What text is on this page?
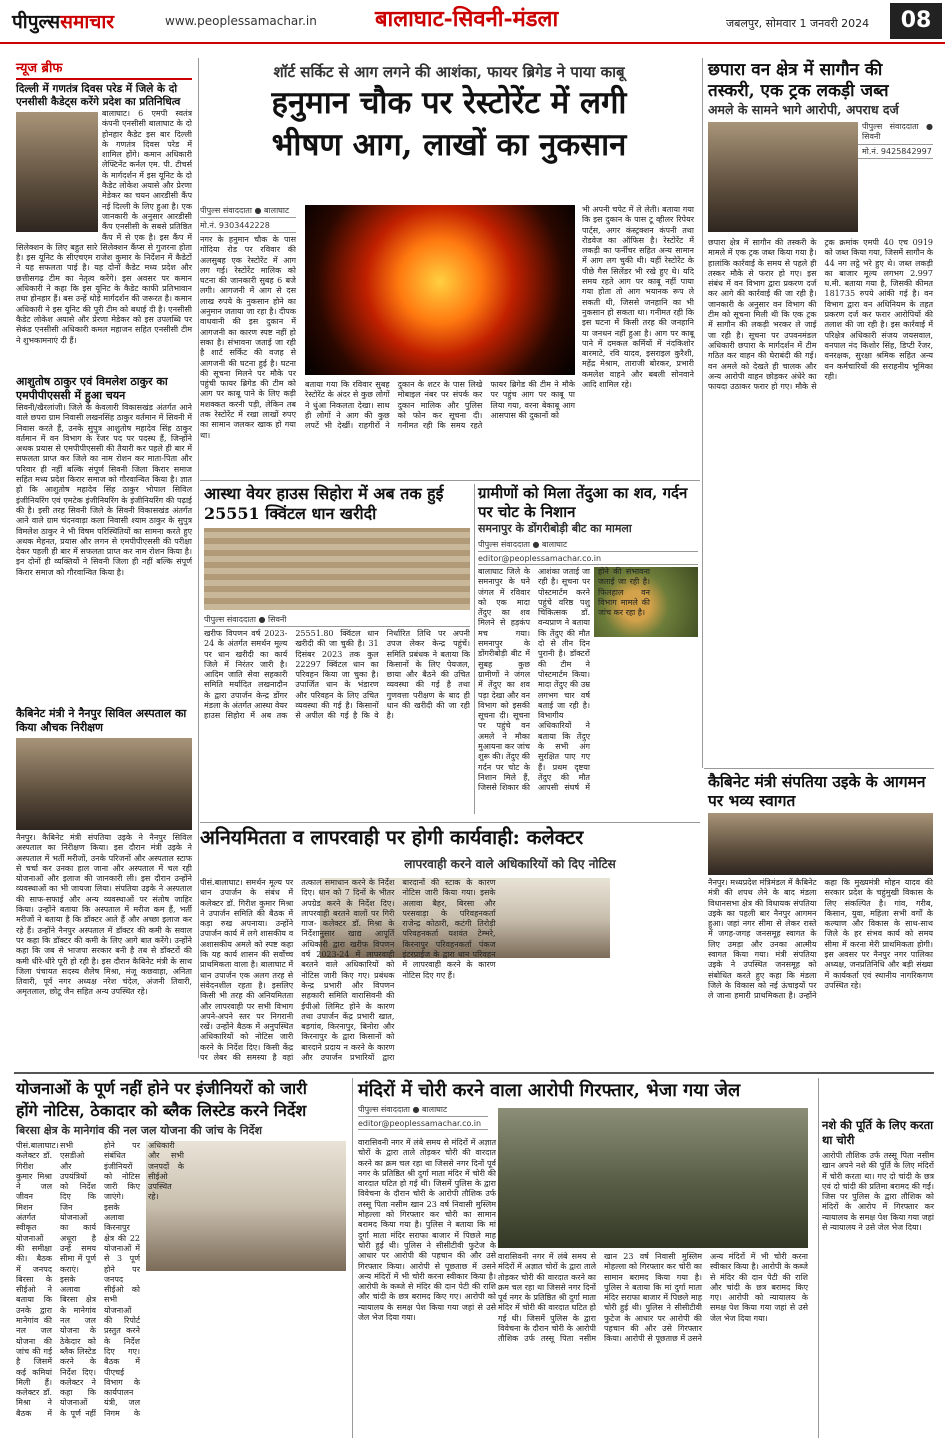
पीपुल्ससमाचार	www.peoplessamachar.in	बालाघाट-सिवनी-मंडला	जबलपुर, सोमवार 1 जनवरी 2024	08
न्यूज ब्रीफ
दिल्ली में गणतंत्र दिवस परेड में जिले के दो एनसीसी कैडेट्स करेंगे प्रदेश का प्रतिनिधित्व
बालाघाट। 6 एमपी स्वतंत्र कंपनी एनसीसी बालाघाट के दो होनहार कैडेट इस बार दिल्ली के गणतंत्र दिवस परेड में शामिल होंगे। कमान अधिकारी लेफ्टिनेंट कर्नल एम. पी. टीचर्स के मार्गदर्शन में इस यूनिट के दो कैडेट लोकेश अयासे और प्रेरणा मेडेकर का चयन आरडीसी कैंप नई दिल्ली के लिए हुआ है। एक जानकारी के अनुसार आरडीसी कैंप एनसीसी के सबसे प्रतिष्ठित कैंप में से एक है। इस कैंप में सिलेक्शन के लिए बहुत सारे सिलेक्शन कैंप्स से गुजरना होता है। इस यूनिट के सीएचएम राजेश कुमार के निर्देशन में कैडेटों ने यह सफलता पाई है। यह दोनों कैडेट मध्य प्रदेश और छत्तीसगढ़ टीम का नेतृत्व करेंगे। इस अवसर पर कमान अधिकारी ने कहा कि इस यूनिट के कैडेट काफी प्रतिभावान तथा होनहार हैं। बस उन्हें थोड़े मार्गदर्शन की जरूरत है। कमान अधिकारी ने इस यूनिट की पूरी टीम को बधाई दी है। एनसीसी कैडेट लोकेश अयासे और प्रेरणा मेडेकर को इस उपलब्धि पर सेकंड एनसीसी अधिकारी कमल महाजन सहित एनसीसी टीम ने शुभकामनाएं दी हैं।
आशुतोष ठाकुर एवं विमलेश ठाकुर का एमपीपीएससी में हुआ चयन
सिवनी/खैरलांजी। जिले के केवलारी विकासखंड अंतर्गत आने वाले छपरा ग्राम निवासी लखनसिंह ठाकुर वर्तमान में सिवनी में निवास करते हैं, उनके सुपुत्र आशुतोष महादेव सिंह ठाकुर वर्तमान में वन विभाग के रेंजर पद पर पदस्थ हैं, जिन्होंने अथक प्रयास से एमपीपीएससी की तैयारी कर पहले ही बार में सफलता प्राप्त कर जिले का नाम रोशन कर माता-पिता और परिवार ही नहीं बल्कि संपूर्ण सिवनी जिला किरार समाज सहित मध्य प्रदेश किरार समाज को गौरवान्वित किया है। ज्ञात हो कि आशुतोष महादेव सिंह ठाकुर भोपाल सिविल इंजीनियरिंग एवं एमटेक इंजीनियरिंग के इंजीनियरिंग की पढ़ाई की है। इसी तरह सिवनी जिले के सिवनी विकासखंड अंतर्गत आने वाले ग्राम चंदनवाड़ा कला निवासी श्याम ठाकुर के सुपुत्र विमलेश ठाकुर ने भी विषम परिस्थितियों का सामना करते हुए अथक मेहनत, प्रयास और लगन से एमपीपीएससी की परीक्षा देकर पहली ही बार में सफलता प्राप्त कर नाम रोशन किया है। इन दोनों ही व्यक्तियों ने सिवनी जिला ही नहीं बल्कि संपूर्ण किरार समाज को गौरवान्वित किया है।
कैबिनेट मंत्री ने नैनपुर सिविल अस्पताल का किया औचक निरीक्षण
नैनपुर। कैबिनेट मंत्री संपतिया उइके ने नैनपुर सिविल अस्पताल का निरीक्षण किया। इस दौरान मंत्री उइके ने अस्पताल में भर्ती मरीजों, उनके परिजनों और अस्पताल स्टाफ से चर्चा कर उनका हाल जाना और अस्पताल में चल रही योजनाओं और इलाज की जानकारी ली। इस दौरान उन्होंने व्यवस्थाओं का भी जायजा लिया। संपतिया उइके ने अस्पताल की साफ-सफाई और अन्य व्यवस्थाओं पर संतोष जाहिर किया। उन्होंने बताया कि अस्पताल में मरीज कम हैं, भर्ती मरीजों ने बताया है कि डॉक्टर आते हैं और अच्छा इलाज कर रहे हैं। उन्होंने नैनपुर अस्पताल में डॉक्टर की कमी के सवाल पर कहा कि डॉक्टर की कमी के लिए आगे बात करेंगे। उन्होंने कहा कि जब से भाजपा सरकार बनी है तब से डॉक्टरों की कमी धीरे-धीरे पूरी हो रही है। इस दौरान कैबिनेट मंत्री के साथ जिला पंचायत सदस्य शैलेष मिश्रा, मंजू कछवाहा, अनिता तिवारी, पूर्व नगर अध्यक्ष नरेश चंदेल, अंजनी तिवारी, अमृतलाल, छोटू जैन सहित अन्य उपस्थित रहे।
शॉर्ट सर्किट से आग लगने की आशंका, फायर ब्रिगेड ने पाया काबू
हनुमान चौक पर रेस्टोरेंट में लगी
भीषण आग, लाखों का नुकसान
पीपुल्स संवाददाता ● बालाघाट
मो.नं. 9303442228
नगर के हनुमान चौक के पास गोंदिया रोड पर रविवार की अलसुबह एक रेस्टोरेंट में आग लग गई। रेस्टोरेंट मालिक को घटना की जानकारी सुबह 6 बजे लगी। आगजनी में आग से दस लाख रुपये के नुकसान होने का अनुमान जताया जा रहा है। दीपक वाधवानी की इस दुकान में आगजनी का कारण स्पष्ट नहीं हो सका है। संभावना जताई जा रही है शार्ट सर्किट की वजह से आगजनी की घटना हुई है। घटना की सूचना मिलने पर मौके पर पहुंची फायर ब्रिगेड की टीम को आग पर काबू पाने के लिए कड़ी मशक्कत करनी पड़ी, लेकिन तब तक रेस्टोरेंट में रखा लाखों रुपए का सामान जलकर खाक हो गया था।
बताया गया कि रविवार सुबह रेस्टोरेंट के अंदर से कुछ लोगों ने धुंआ निकलता देखा। साथ ही लोगों ने आग की कुछ लपटें भी देखीं। राहगीरों ने दुकान के शटर के पास लिखे मोबाइल नंबर पर संपर्क कर दुकान मालिक और पुलिस को फोन कर सूचना दी। गनीमत रही कि समय रहते फायर ब्रिगेड की टीम ने मौके पर पहुंच आग पर काबू पा लिया गया, वरना बेकाबू आग आसपास की दुकानों को
भी अपनी चपेट में ले लेती। बताया गया कि इस दुकान के पास टू व्हीलर रिपेयर पार्ट्स, अगर कंस्ट्रक्शन कंपनी तथा रोडवेज का ऑफिस है। रेस्टोरेंट में लकड़ी का फर्नीचर सहित अन्य सामान में आग लग चुकी थी। यहीं रेस्टोरेंट के पीछे गैस सिलेंडर भी रखे हुए थे। यदि समय रहते आग पर काबू नहीं पाया गया होता तो आग भयानक रूप ले सकती थी, जिससे जनहानि का भी नुकसान हो सकता था। गनीमत रही कि इस घटना में किसी तरह की जनहानि या जनधन नहीं हुआ है। आग पर काबू पाने में दमकल कर्मियों में नंदकिशोर बारमाटे, रवि यादव, इसराइल कुरैशी, महेंद्र मेश्राम, ताराजी बोरकर, प्रभारी कमलेश वाहने और बबली सोनवाने आदि शामिल रहे।
छपारा वन क्षेत्र में सागौन की तस्करी, एक ट्रक लकड़ी जब्त
अमले के सामने भागे आरोपी, अपराध दर्ज
पीपुल्स संवाददाता ● सिवनी
मो.नं. 9425842997
छपारा क्षेत्र में सागौन की तस्करी के मामले में एक ट्रक जब्त किया गया है। हालांकि कार्रवाई के समय से पहले ही तस्कर मौके से फरार हो गए। इस संबंध में वन विभाग द्वारा प्रकरण दर्ज कर आगे की कार्रवाई की जा रही है। जानकारी के अनुसार वन विभाग की टीम को सूचना मिली थी कि एक ट्रक में सागौन की लकड़ी भरकर ले जाई जा रही है। सूचना पर उपवनमंडल अधिकारी छपारा के मार्गदर्शन में टीम गठित कर वाहन की घेराबंदी की गई। वन अमले को देखते ही चालक और अन्य आरोपी वाहन छोड़कर अंधेरे का फायदा उठाकर फरार हो गए। मौके से ट्रक क्रमांक एमपी 40 एच 0919 को जब्त किया गया, जिसमें सागौन के 44 नग लट्ठे भरे हुए थे। जब्त लकड़ी का बाजार मूल्य लगभग 2.997 घ.मी. बताया गया है, जिसकी कीमत 181735 रुपये आंकी गई है। वन विभाग द्वारा वन अधिनियम के तहत प्रकरण दर्ज कर फरार आरोपियों की तलाश की जा रही है। इस कार्रवाई में परिक्षेत्र अधिकारी संजय जयसवाल, वनपाल नंद किशोर सिंह, डिप्टी रेंजर, वनरक्षक, सुरक्षा श्रमिक सहित अन्य वन कर्मचारियों की सराहनीय भूमिका रही।
आस्था वेयर हाउस सिहोरा में अब तक हुई 25551 क्विंटल धान खरीदी
पीपुल्स संवाददाता ● सिवनी
खरीफ विपणन वर्ष 2023-24 के अंतर्गत समर्थन मूल्य पर धान खरीदी का कार्य जिले में निरंतर जारी है। आदिम जाति सेवा सहकारी समिति मर्यादित लखनादौन के द्वारा उपार्जन केन्द्र डोंगर मंडला के अंतर्गत आस्था वेयर हाउस सिहोरा में अब तक 25551.80 क्विंटल धान खरीदी की जा चुकी है। 31 दिसंबर 2023 तक कुल 22297 क्विंटल धान का परिवहन किया जा चुका है। उपार्जित धान के भंडारण और परिवहन के लिए उचित व्यवस्था की गई है। किसानों से अपील की गई है कि वे निर्धारित तिथि पर अपनी उपज लेकर केन्द्र पहुंचें। समिति प्रबंधक ने बताया कि किसानों के लिए पेयजल, छाया और बैठने की उचित व्यवस्था की गई है तथा गुणवत्ता परीक्षण के बाद ही धान की खरीदी की जा रही है।
ग्रामीणों को मिला तेंदुआ का शव, गर्दन पर चोट के निशान
समनापुर के डोंगरीबोड़ी बीट का मामला
पीपुल्स संवाददाता ● बालाघाट
editor@peoplessamachar.co.in
बालाघाट जिले के समनापुर के घने जंगल में रविवार को एक मादा तेंदुए का शव मिलने से हड़कंप मच गया। समनापुर के डोंगरीबोड़ी बीट में सुबह कुछ ग्रामीणों ने जंगल में तेंदुए का शव पड़ा देखा और वन विभाग को इसकी सूचना दी। सूचना पर पहुंचे वन अमले ने मौका मुआयना कर जांच शुरू की। तेंदुए की गर्दन पर चोट के निशान मिले हैं, जिससे शिकार की आशंका जताई जा रही है। सूचना पर पोस्टमार्टम करने पहुंचे वरिष्ठ पशु चिकित्सक डॉ. वन्यप्राण ने बताया कि तेंदुए की मौत दो से तीन दिन पुरानी है। डॉक्टरों की टीम ने पोस्टमार्टम किया। मादा तेंदुए की उम्र लगभग चार वर्ष बताई जा रही है। विभागीय अधिकारियों ने बताया कि तेंदुए के सभी अंग सुरक्षित पाए गए हैं। प्रथम दृष्टया तेंदुए की मौत आपसी संघर्ष में
अनियमितता व लापरवाही पर होगी कार्यवाही: कलेक्टर
लापरवाही करने वाले अधिकारियों को दिए नोटिस
पीसं.बालाघाट। समर्थन मूल्य पर धान उपार्जन के संबंध में कलेक्टर डॉ. गिरीश कुमार मिश्रा ने उपार्जन समिति की बैठक में कड़ा रुख अपनाया। उन्होंने उपार्जन कार्य में लगे शासकीय व अशासकीय अमले को स्पष्ट कहा कि यह कार्य शासन की सर्वोच्च प्राथमिकता वाला है। बालाघाट में धान उपार्जन एक अलग तरह से संवेदनशील रहता है। इसलिए किसी भी तरह की अनियमितता और लापरवाही पर सभी विभाग अपने-अपने स्तर पर निगरानी रखें। उन्होंने बैठक में अनुपस्थित अधिकारियों को नोटिस जारी करने के निर्देश दिए। किसी केंद्र पर लेबर की समस्या है वहां तत्काल समाधान करने के निर्देश दिए। धान को 7 दिनों के भीतर अपग्रेड करने के निर्देश दिए। लापरवाही बरतने वालों पर गिरी गाज- कलेक्टर डॉ. मिश्रा के निर्देशानुसार खाद्य आपूर्ति अधिकारी द्वारा खरीफ विपणन वर्ष 2023-24 में लापरवाही बरतने वाले अधिकारियों को नोटिस जारी किए गए। प्रबंधक केन्द्र प्रभारी और विपणन सहकारी समिति वारासिवनी की ईपीओ लिमिट होने के कारण तथा उपार्जन केंद्र प्रभारी खात, बड़गांव, किरनापुर, बिनोरा और किरनापुर के द्वारा किसानों को बारदाने प्रदाय न करने के कारण और उपार्जन प्रभारियों द्वारा बारदानों की स्टाक के कारण नोटिस जारी किया गया। इसके अलावा बैहर, बिरसा और परसवाड़ा के परिवहनकर्ता राजेन्द्र कोठारी, कटंगी तिरोड़ी परिवहनकर्ता यशवंत टेम्भरे, किरनापुर परिवहनकर्ता पंकज इंटरप्राईज के द्वारा धान परिवहन में लापरवाही करने के कारण नोटिस दिए गए हैं।
कैबिनेट मंत्री संपतिया उइके के आगमन पर भव्य स्वागत
नैनपुर। मध्यप्रदेश मंत्रिमंडल में कैबिनेट मंत्री की शपथ लेने के बाद मंडला विधानसभा क्षेत्र की विधायक संपतिया उइके का पहली बार नैनपुर आगमन हुआ। जहां नगर सीमा से लेकर रास्ते में जगह-जगह जनसमूह स्वागत के लिए उमड़ा और उनका आत्मीय स्वागत किया गया। मंत्री संपतिया उइके ने उपस्थित जनसमूह को संबोधित करते हुए कहा कि मंडला जिले के विकास को नई ऊंचाइयों पर ले जाना हमारी प्राथमिकता है। उन्होंने कहा कि मुख्यमंत्री मोहन यादव की सरकार प्रदेश के चहुंमुखी विकास के लिए संकल्पित है। गांव, गरीब, किसान, युवा, महिला सभी वर्गों के कल्याण और विकास के साथ-साथ जिले के हर संभव कार्य को समय सीमा में करना मेरी प्राथमिकता होगी। इस अवसर पर नैनपुर नगर पालिका अध्यक्ष, जनप्रतिनिधि और बड़ी संख्या में कार्यकर्ता एवं स्थानीय नागरिकगण उपस्थित रहे।
योजनाओं के पूर्ण नहीं होने पर इंजीनियरों को जारी
होंगे नोटिस, ठेकादार को ब्लैक लिस्टेड करने निर्देश
बिरसा क्षेत्र के मानेगांव की नल जल योजना की जांच के निर्देश
पीसं.बालाघाट। कलेक्टर डॉ. गिरीश कुमार मिश्रा ने जल जीवन मिशन अंतर्गत स्वीकृत योजनाओं की समीक्षा की। बैठक में जनपद बिरसा के सीईओ ने बताया कि उनके द्वारा मानेगांव की नल जल योजना की जांच की गई है जिसमें कई कमियां मिली हैं। कलेक्टर डॉ. मिश्रा ने बैठक में सभी एसडीओ और उपयंत्रियों को निर्देश दिए कि जिन योजनाओं का कार्य अधूरा है उन्हें समय सीमा में पूर्ण कराएं। इसके अलावा बिरसा क्षेत्र के मानेगांव नल जल योजना के ठेकेदार को ब्लैक लिस्टेड करने के निर्देश दिए। कलेक्टर ने कहा कि योजनाओं के पूर्ण नहीं होने पर संबंधित इंजीनियरों को नोटिस जारी किए जाएंगे। इसके अलावा किरनापुर क्षेत्र की 22 योजनाओं में से 3 पूर्ण होने पर जनपद सीईओ को सभी योजनाओं की रिपोर्ट प्रस्तुत करने के निर्देश दिए गए। बैठक में पीएचई विभाग के कार्यपालन यंत्री, जल निगम के
मंदिरों में चोरी करने वाला आरोपी गिरफ्तार, भेजा गया जेल
पीपुल्स संवाददाता ● बालाघाट
editor@peoplessamachar.co.in
वारासिवनी नगर में लंबे समय से मंदिरों में अज्ञात चोरों के द्वारा ताले तोड़कर चोरी की वारदात करने का क्रम चल रहा था जिससे नगर दिनों पूर्व नगर के प्रतिष्ठित श्री दुर्गा माता मंदिर में चोरी की वारदात घटित हो गई थी। जिसमें पुलिस के द्वारा विवेचना के दौरान चोरी के आरोपी तौशिक उर्फ तस्सू पिता नसीम खान 23 वर्ष निवासी मुस्लिम मोहल्ला को गिरफ्तार कर चोरी का सामान बरामद किया गया है। पुलिस ने बताया कि मां दुर्गा माता मंदिर सराफा बाजार में पिछले माह चोरी हुई थी। पुलिस ने सीसीटीवी फुटेज के आधार पर आरोपी की पहचान की और उसे गिरफ्तार किया। आरोपी से पूछताछ में उसने अन्य मंदिरों में भी चोरी करना स्वीकार किया है। आरोपी के कब्जे से मंदिर की दान पेटी की राशि और चांदी के छत्र बरामद किए गए। आरोपी को न्यायालय के समक्ष पेश किया गया जहां से उसे जेल भेज दिया गया।
वारासिवनी नगर में लंबे समय से मंदिरों में अज्ञात चोरों के द्वारा ताले तोड़कर चोरी की वारदात करने का क्रम चल रहा था जिससे नगर दिनों पूर्व नगर के प्रतिष्ठित श्री दुर्गा माता मंदिर में चोरी की वारदात घटित हो गई थी। जिसमें पुलिस के द्वारा विवेचना के दौरान चोरी के आरोपी तौशिक उर्फ तस्सू पिता नसीम खान 23 वर्ष निवासी मुस्लिम मोहल्ला को गिरफ्तार कर चोरी का सामान बरामद किया गया है। पुलिस ने बताया कि मां दुर्गा माता मंदिर सराफा बाजार में पिछले माह चोरी हुई थी। पुलिस ने सीसीटीवी फुटेज के आधार पर आरोपी की पहचान की और उसे गिरफ्तार किया। आरोपी से पूछताछ में उसने अन्य मंदिरों में भी चोरी करना स्वीकार किया है। आरोपी के कब्जे से मंदिर की दान पेटी की राशि और चांदी के छत्र बरामद किए गए। आरोपी को न्यायालय के समक्ष पेश किया गया जहां से उसे जेल भेज दिया गया।
नशे की पूर्ति के लिए करता था चोरी
आरोपी तौशिक उर्फ तस्सू पिता नसीम खान अपने नशे की पूर्ति के लिए मंदिरों में चोरी करता था। गए दो चांदी के छत्र एवं दो चांदी की प्रतिमा बरामद की गईं। जिस पर पुलिस के द्वारा तौशिक को मंदिरों के आरोप में गिरफ्तार कर न्यायालय के समक्ष पेश किया गया जहां से न्यायालय ने उसे जेल भेज दिया।
